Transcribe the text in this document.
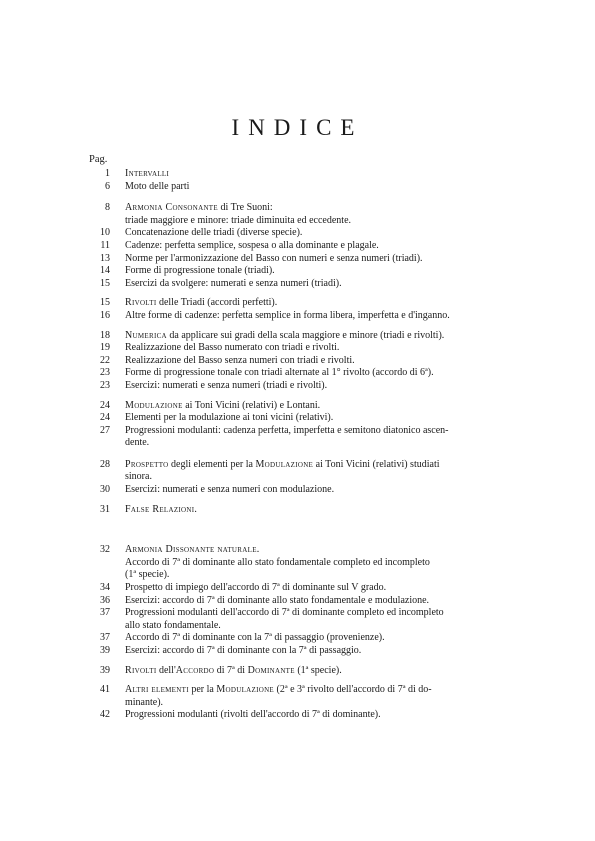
INDICE
Pag.
1 Intervalli
6 Moto delle parti
8 Armonia Consonante di Tre Suoni:
triade maggiore e minore: triade diminuita ed eccedente.
10 Concatenazione delle triadi (diverse specie).
11 Cadenze: perfetta semplice, sospesa o alla dominante e plagale.
13 Norme per l'armonizzazione del Basso con numeri e senza numeri (triadi).
14 Forme di progressione tonale (triadi).
15 Esercizi da svolgere: numerati e senza numeri (triadi).
15 Rivolti delle Triadi (accordi perfetti).
16 Altre forme di cadenze: perfetta semplice in forma libera, imperfetta e d'inganno.
18 Numerica da applicare sui gradi della scala maggiore e minore (triadi e rivolti).
19 Realizzazione del Basso numerato con triadi e rivolti.
22 Realizzazione del Basso senza numeri con triadi e rivolti.
23 Forme di progressione tonale con triadi alternate al 1° rivolto (accordo di 6ª).
23 Esercizi: numerati e senza numeri (triadi e rivolti).
24 Modulazione ai Toni Vicini (relativi) e Lontani.
24 Elementi per la modulazione ai toni vicini (relativi).
27 Progressioni modulanti: cadenza perfetta, imperfetta e semitono diatonico ascen-
dente.
28 Prospetto degli elementi per la Modulazione ai Toni Vicini (relativi) studiati
sinora.
30 Esercizi: numerati e senza numeri con modulazione.
31 False Relazioni.
32 Armonia Dissonante naturale.
Accordo di 7ª di dominante allo stato fondamentale completo ed incompleto
(1ª specie).
34 Prospetto di impiego dell'accordo di 7ª di dominante sul V grado.
36 Esercizi: accordo di 7ª di dominante allo stato fondamentale e modulazione.
37 Progressioni modulanti dell'accordo di 7ª di dominante completo ed incompleto
allo stato fondamentale.
37 Accordo di 7ª di dominante con la 7ª di passaggio (provenienze).
39 Esercizi: accordo di 7ª di dominante con la 7ª di passaggio.
39 Rivolti dell'Accordo di 7ª di Dominante (1ª specie).
41 Altri elementi per la Modulazione (2ª e 3ª rivolto dell'accordo di 7ª di do-
minante).
42 Progressioni modulanti (rivolti dell'accordo di 7ª di dominante).
